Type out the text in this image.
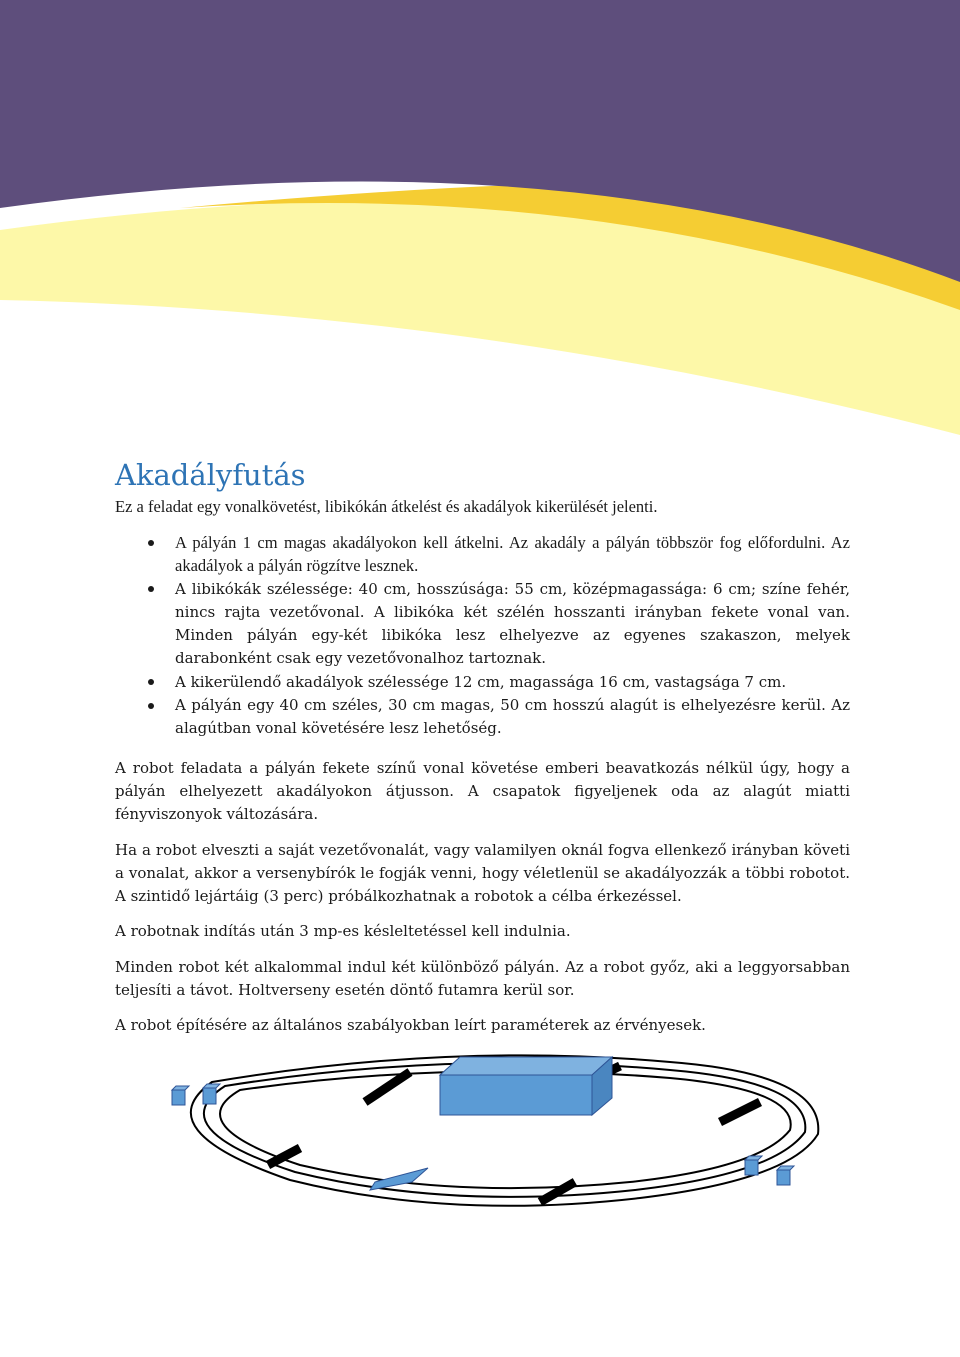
Akadályfutás

Ez a feladat egy vonalkövetést, libikókán átkelést és akadályok kikerülését jelenti.

A pályán 1 cm magas akadályokon kell átkelni. Az akadály a pályán többször fog előfordulni. Az akadályok a pályán rögzítve lesznek.
A libikókák szélessége: 40 cm, hosszúsága: 55 cm, középmagassága: 6 cm; színe fehér, nincs rajta vezetővonal. A libikóka két szélén hosszanti irányban fekete vonal van. Minden pályán egy-két libikóka lesz elhelyezve az egyenes szakaszon, melyek darabonként csak egy vezetővonalhoz tartoznak.
A kikerülendő akadályok szélessége 12 cm, magassága 16 cm, vastagsága 7 cm.
A pályán egy 40 cm széles, 30 cm magas, 50 cm hosszú alagút is elhelyezésre kerül. Az alagútban vonal követésére lesz lehetőség.

A robot feladata a pályán fekete színű vonal követése emberi beavatkozás nélkül úgy, hogy a pályán elhelyezett akadályokon átjusson. A csapatok figyeljenek oda az alagút miatti fényviszonyok változására.

Ha a robot elveszti a saját vezetővonalát, vagy valamilyen oknál fogva ellenkező irányban követi a vonalat, akkor a versenybírók le fogják venni, hogy véletlenül se akadályozzák a többi robotot. A szintidő lejártáig (3 perc) próbálkozhatnak a robotok a célba érkezéssel.

A robotnak indítás után 3 mp-es késleltetéssel kell indulnia.

Minden robot két alkalommal indul két különböző pályán. Az a robot győz, aki a leggyorsabban teljesíti a távot. Holtverseny esetén döntő futamra kerül sor.

A robot építésére az általános szabályokban leírt paraméterek az érvényesek.
